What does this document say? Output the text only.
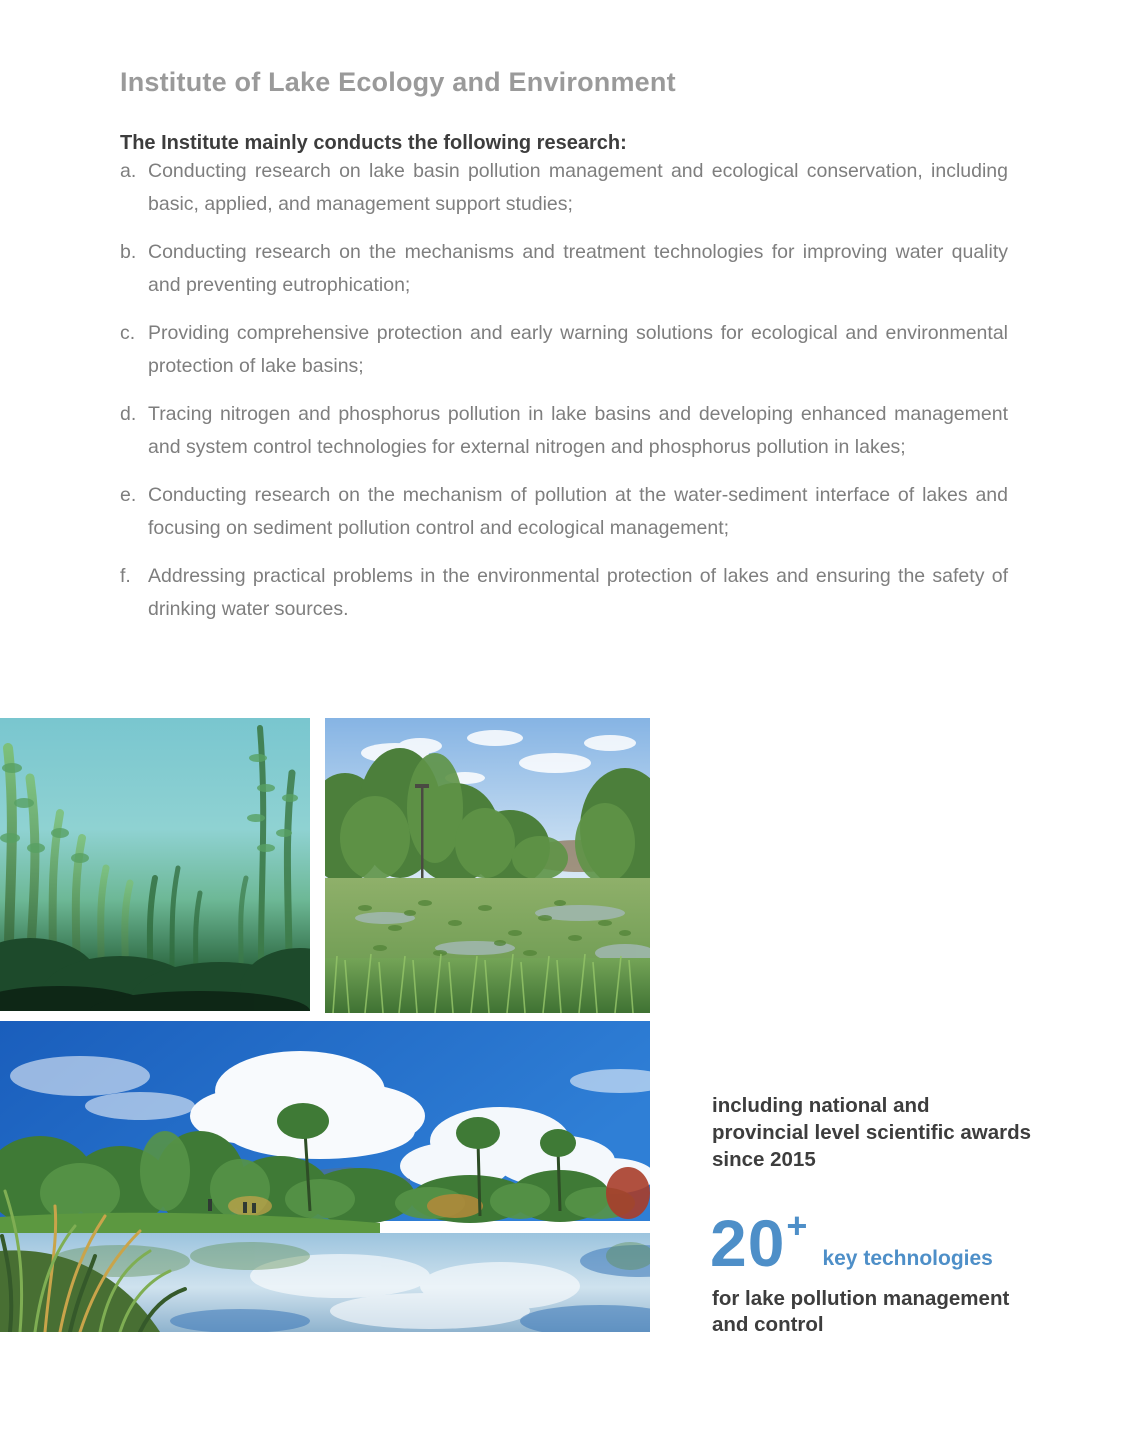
Institute of Lake Ecology and Environment
The Institute mainly conducts the following research:

a. Conducting research on lake basin pollution management and ecological conservation, including basic, applied, and management support studies;

b. Conducting research on the mechanisms and treatment technologies for improving water quality and preventing eutrophication;

c. Providing comprehensive protection and early warning solutions for ecological and environmental protection of lake basins;

d. Tracing nitrogen and phosphorus pollution in lake basins and developing enhanced management and system control technologies for external nitrogen and phosphorus pollution in lakes;

e. Conducting research on the mechanism of pollution at the water-sediment interface of lakes and focusing on sediment pollution control and ecological management;

f. Addressing practical problems in the environmental protection of lakes and ensuring the safety of drinking water sources.

including national and
provincial level scientific awards
since 2015
20 +
key technologies
for lake pollution management
and control
